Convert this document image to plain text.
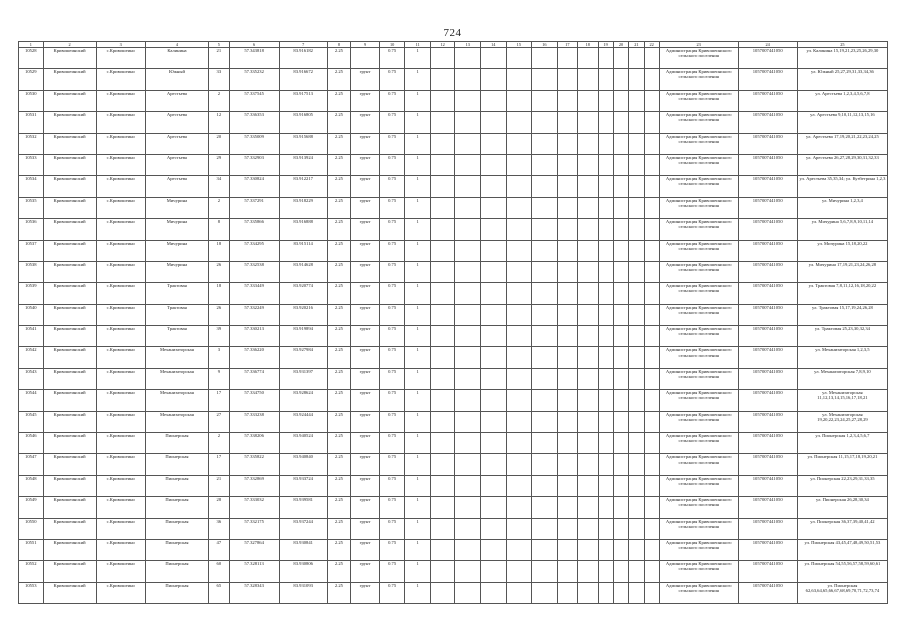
724
1	2	3	4	5	6	7	8	9	10	11	12	13	14	15	16	17	18	19	20	21	22	23	24	25
10528	Кривошеинский	с.Кривошеино	Калинина	21	57.343818	83.916182	2.25		0.75	1												Администрация Кривошеинского сельского поселения	1057007441050	ул. Калинина 15,19,21,23,25,26,29,30
10529	Кривошеинский	с.Кривошеино	Южный	33	57.335232	83.916672	2.25	грунт	0.75	1												Администрация Кривошеинского сельского поселения	1057007441050	ул. Южный 25,27,29,31,33,34,36
10530	Кривошеинский	с.Кривошеино	Арестьева	2	57.337545	83.917513	2.25	грунт	0.75	1												Администрация Кривошеинского сельского поселения	1057007441050	ул. Арестьева 1,2,3,4,5,6,7,8
10531	Кривошеинский	с.Кривошеино	Арестьева	12	57.336353	83.916805	2.25	грунт	0.75	1												Администрация Кривошеинского сельского поселения	1057007441050	ул. Арестьева 9,10,11,12,13,15,16
10532	Кривошеинский	с.Кривошеино	Арестьева	20	57.335009	83.915688	2.25	грунт	0.75	1												Администрация Кривошеинского сельского поселения	1057007441050	ул. Арестьева 17,19,20,21,22,23,24,25
10533	Кривошеинский	с.Кривошеино	Арестьева	29	57.332903	83.913924	2.25	грунт	0.75	1												Администрация Кривошеинского сельского поселения	1057007441050	ул. Арестьева 26,27,28,29,30,31,32,33
10534	Кривошеинский	с.Кривошеино	Арестьева	34	57.330824	83.912217	2.25	грунт	0.75	1												Администрация Кривошеинского сельского поселения	1057007441050	ул. Арестьева 35,35,34; ул. Кузбетрина 1,2,3
10535	Кривошеинский	с.Кривошеино	Мичурина	2	57.337291	83.918229	2.25	грунт	0.75	1												Администрация Кривошеинского сельского поселения	1057007441050	ул. Мичурина 1,2,3,4
10536	Кривошеинский	с.Кривошеино	Мичурина	8	57.335866	83.916888	2.25	грунт	0.75	1												Администрация Кривошеинского сельского поселения	1057007441050	ул. Мичурина 5,6,7,8,9,10,11,14
10537	Кривошеинский	с.Кривошеино	Мичурина	18	57.334295	83.915114	2.25	грунт	0.75	1												Администрация Кривошеинского сельского поселения	1057007441050	ул. Мичурина 15,18,20,22
10538	Кривошеинский	с.Кривошеино	Мичурина	26	57.332538	83.914628	2.25	грунт	0.75	1												Администрация Кривошеинского сельского поселения	1057007441050	ул. Мичурина 17,19,21,23,24,26,28
10539	Кривошеинский	с.Кривошеино	Трактовая	18	57.333449	83.920774	2.25	грунт	0.75	1												Администрация Кривошеинского сельского поселения	1057007441050	ул. Трактовая 7,8,11,12,16,18,20,22
10540	Кривошеинский	с.Кривошеино	Трактовая	26	57.332249	83.920216	2.25	грунт	0.75	1												Администрация Кривошеинского сельского поселения	1057007441050	ул. Трактовая 15,17,19,24,26,28
10541	Кривошеинский	с.Кривошеино	Трактовая	39	57.330213	83.919894	2.25	грунт	0.75	1												Администрация Кривошеинского сельского поселения	1057007441050	ул. Трактовая 25,23,30,32,34
10542	Кривошеинский	с.Кривошеино	Механизаторская	3	57.336220	83.927984	2.25	грунт	0.75	1												Администрация Кривошеинского сельского поселения	1057007441050	ул. Механизаторская 1,2,3,5
10543	Кривошеинский	с.Кривошеино	Механизаторская	9	57.336774	83.931397	2.25	грунт	0.75	1												Администрация Кривошеинского сельского поселения	1057007441050	ул. Механизаторская 7,8,9,10
10544	Кривошеинский	с.Кривошеино	Механизаторская	17	57.334750	83.928624	2.25	грунт	0.75	1												Администрация Кривошеинского сельского поселения	1057007441050	ул. Механизаторская 11,12,13,14,15,16,17,18,21
10545	Кривошеинский	с.Кривошеино	Механизаторская	27	57.333238	83.924444	2.25	грунт	0.75	1												Администрация Кривошеинского сельского поселения	1057007441050	ул. Механизаторская 19,20,22,23,24,25,27,28,29
10546	Кривошеинский	с.Кривошеино	Пионерская	2	57.338206	83.940524	2.25	грунт	0.75	1												Администрация Кривошеинского сельского поселения	1057007441050	ул. Пионерская 1,2,3,4,5,6,7
10547	Кривошеинский	с.Кривошеино	Пионерская	17	57.335822	83.940840	2.25	грунт	0.75	1												Администрация Кривошеинского сельского поселения	1057007441050	ул. Пионерская 11,15,17,18,19,20,21
10548	Кривошеинский	с.Кривошеино	Пионерская	21	57.332869	83.933724	2.25	грунт	0.75	1												Администрация Кривошеинского сельского поселения	1057007441050	ул. Пионерская 22,23,29,31,33,35
10549	Кривошеинский	с.Кривошеино	Пионерская	28	57.333032	83.939581	2.25	грунт	0.75	1												Администрация Кривошеинского сельского поселения	1057007441050	ул. Пионерская 26,28,30,34
10550	Кривошеинский	с.Кривошеино	Пионерская	36	57.332175	83.937244	2.25	грунт	0.75	1												Администрация Кривошеинского сельского поселения	1057007441050	ул. Пионерская 36,37,39,40,41,42
10551	Кривошеинский	с.Кривошеино	Пионерская	47	57.327864	83.930841	2.25	грунт	0.75	1												Администрация Кривошеинского сельского поселения	1057007441050	ул. Пионерская 43,45,47,48,49,50,51,53
10552	Кривошеинский	с.Кривошеино	Пионерская	60	57.328113	83.930806	2.25	грунт	0.75	1												Администрация Кривошеинского сельского поселения	1057007441050	ул. Пионерская 54,55,56,57,58,59,60,61
10553	Кривошеинский	с.Кривошеино	Пионерская	65	57.328343	83.931093	2.25	грунт	0.75	1												Администрация Кривошеинского сельского поселения	1057007441050	ул. Пионерская 62,63,64,65,66,67,68,69,70,71,72,73,74
